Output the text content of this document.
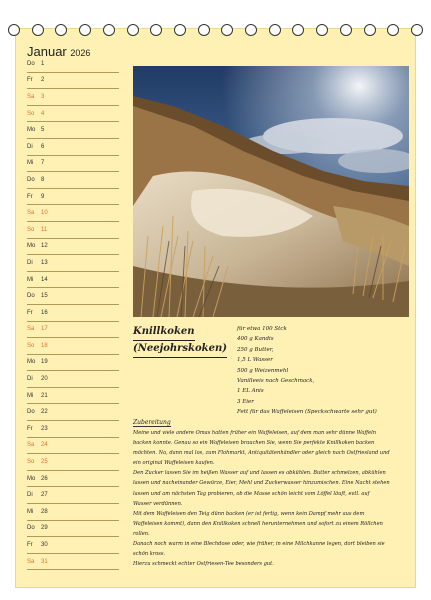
Januar 2026
Do	1
Fr	2
Sa	3
So	4
Mo 5
Di	6
Mi	7
Do	8
Fr	9
Sa	10
So	11
Mo 12
Di	13
Mi	14
Do	15
Fr	16
Sa	17
So	18
Mo 19
Di	20
Mi	21
Do	22
Fr	23
Sa	24
So	25
Mo 26
Di	27
Mi	28
Do	29
Fr	30
Sa	31
Knillkoken
(Neejohrskoken)
für etwa 100 Stck
400 g Kandis
250 g Butter,
1,5 L Wasser
500 g Weizenmehl
Vanilleeis nach Geschmack,
1 EL Anis
3 Eier
Fett für das Waffeleisen (Speckschwarte sehr gut)
Zubereitung
Meine und viele andere Omas hatten früher ein Waffeleisen, auf dem man sehr dünne Waffeln
backen konnte. Genau so ein Waffeleisen brauchen Sie, wenn Sie perfekte Knillkoken backen
möchten. Na, dann mal los, zum Flohmarkt, Antiquitätenhändler oder gleich nach Ostfriesland und
ein original Waffeleisen kaufen.
Den Zucker lassen Sie im heißen Wasser auf und lassen es abkühlen. Butter schmelzen, abkühlen
lassen und nacheinander Gewürze, Eier, Mehl und Zuckerwasser hinzumischen. Eine Nacht stehen
lassen und am nächsten Tag probieren, ob die Masse schön leicht vom Löffel läuft, evtl. auf
Wasser verdünnen.
Mit dem Waffeleisen den Teig dünn backen (er ist fertig, wenn kein Dampf mehr aus dem
Waffeleisen kommt), dann den Knillkoken schnell herunternehmen und sofort zu einem Röllchen
rollen.
Danach noch warm in eine Blechdose oder, wie früher, in eine Milchkanne legen, dort bleiben sie
schön kross.
Hierzu schmeckt echter Ostfriesen-Tee besonders gut.
